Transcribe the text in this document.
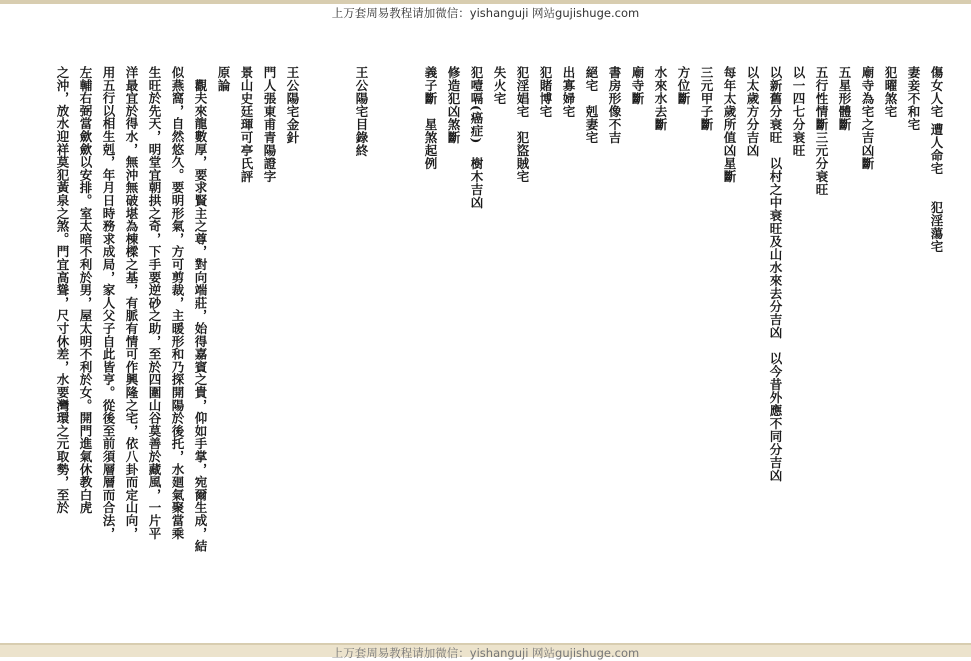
上万套周易教程请加微信：yishanguji 网站gujishuge.com
傷女人宅 遭人命宅　　犯淫蕩宅
妻妾不和宅
犯曜煞宅
廟寺為宅之吉凶斷
五星形體斷
五行性情斷三元分衰旺
以一四七分衰旺
以新舊分衰旺　以村之中衰旺及山水來去分吉凶　以今昔外應不同分吉凶
以太歲方分吉凶
每年太歲所值凶星斷
三元甲子斷
方位斷
水來水去斷
廟寺斷
書房形像不吉
絕宅　剋妻宅
出寡婦宅
犯賭博宅
犯淫娼宅　犯盜賊宅
失火宅
犯噎嗝(癌症)　樹木吉凶
修造犯凶煞斷
義子斷　星煞起例
王公陽宅目錄終
王公陽宅金針
門人張東甫青陽證字
景山史廷琿可亭氏評
原論
　觀夫來龍數厚，要求賢主之尊，對向端莊，始得嘉賓之貴，仰如手掌，宛爾生成，結
似燕窩，自然悠久。要明形氣，方可剪裁，主暖形和乃探開陽於後托，水廻氣聚當乘
生旺於先天，明堂宜朝拱之奇，下手要逆砂之助，至於四圍山谷莫善於藏風，一片平
洋最宜於得水，無沖無破堪為棟樑之基，有脈有情可作興隆之宅，依八卦而定山向，
用五行以相生剋，年月日時務求成局，家人父子自此皆亨。從後至前須層層而合法，
左輔右弼當歛歛以安排。室太暗不利於男，屋太明不利於女。開門進氣休教白虎
之沖，放水迎祥莫犯黃泉之煞。門宜高聳，尺寸休差，水要灣環之元取勢，至於
上万套周易教程请加微信：yishanguji 网站gujishuge.com
